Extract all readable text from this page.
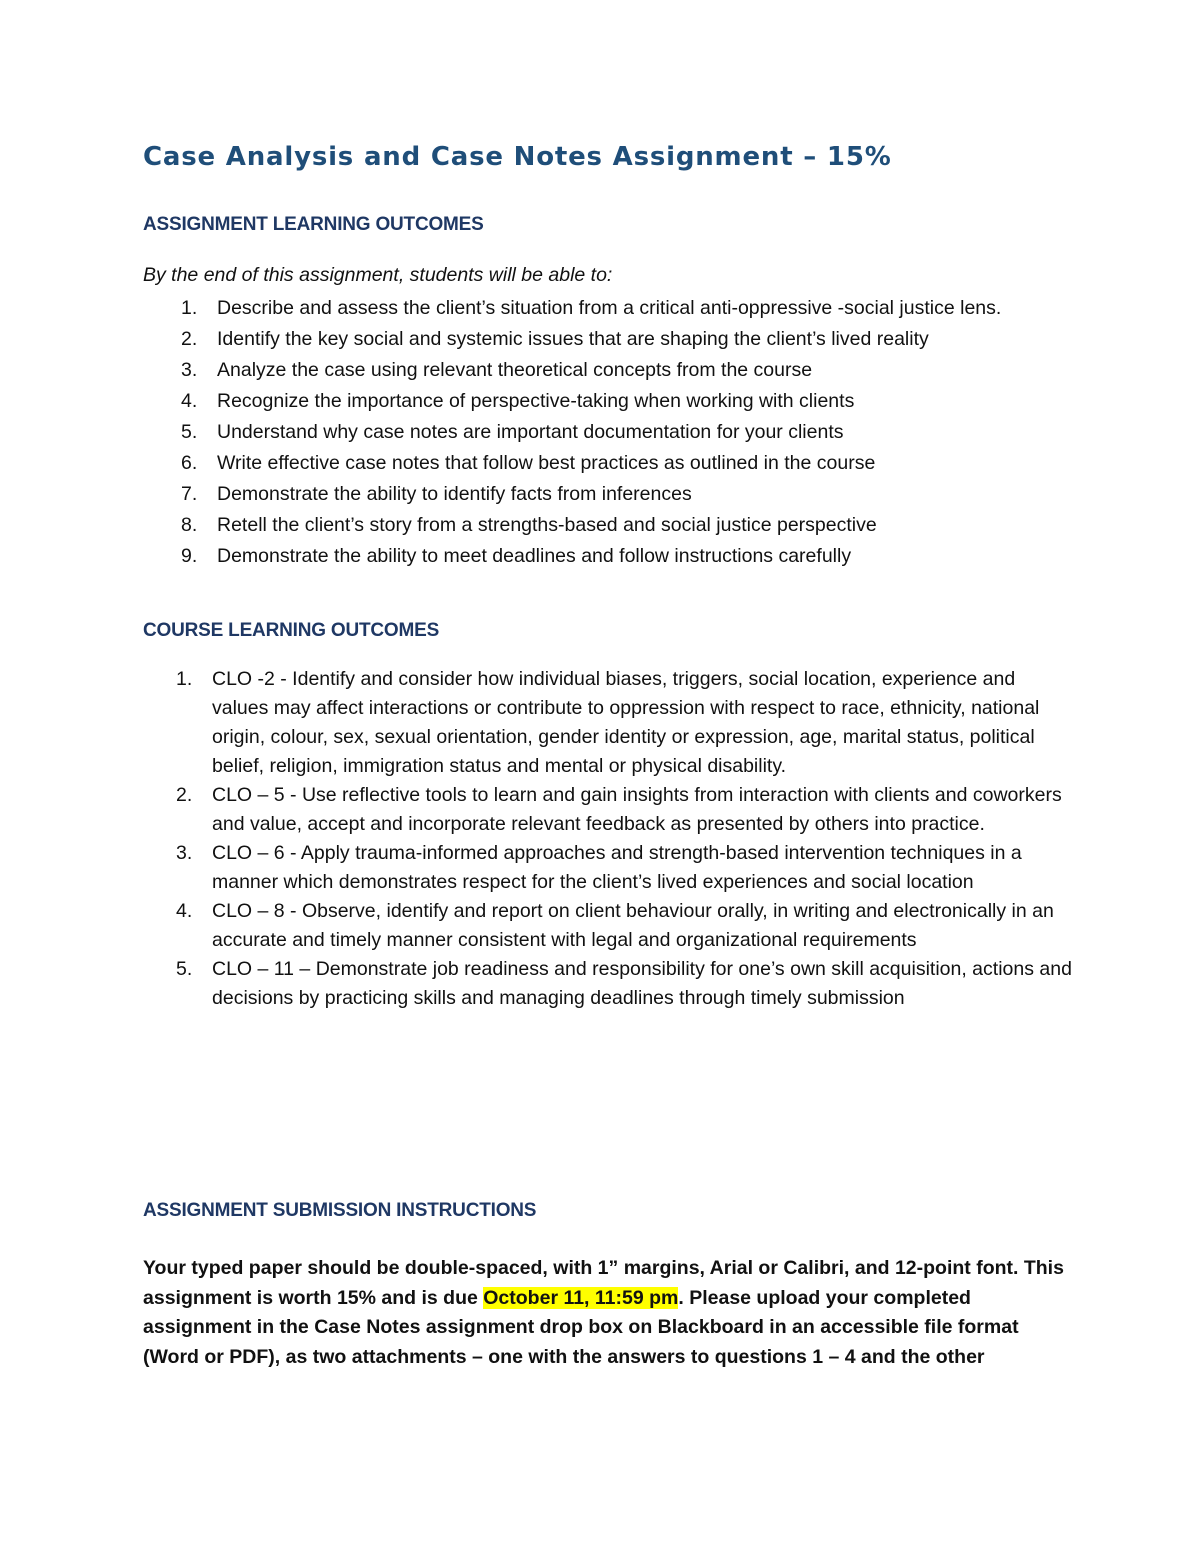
Case Analysis and Case Notes Assignment – 15%
ASSIGNMENT LEARNING OUTCOMES

By the end of this assignment, students will be able to:

1. Describe and assess the client’s situation from a critical anti-oppressive -social justice lens.
2. Identify the key social and systemic issues that are shaping the client’s lived reality
3. Analyze the case using relevant theoretical concepts from the course
4. Recognize the importance of perspective-taking when working with clients
5. Understand why case notes are important documentation for your clients
6. Write effective case notes that follow best practices as outlined in the course
7. Demonstrate the ability to identify facts from inferences
8. Retell the client’s story from a strengths-based and social justice perspective
9. Demonstrate the ability to meet deadlines and follow instructions carefully
COURSE LEARNING OUTCOMES
1. CLO -2 - Identify and consider how individual biases, triggers, social location, experience and values may affect interactions or contribute to oppression with respect to race, ethnicity, national origin, colour, sex, sexual orientation, gender identity or expression, age, marital status, political belief, religion, immigration status and mental or physical disability.
2. CLO – 5 - Use reflective tools to learn and gain insights from interaction with clients and coworkers and value, accept and incorporate relevant feedback as presented by others into practice.
3. CLO – 6 - Apply trauma-informed approaches and strength-based intervention techniques in a manner which demonstrates respect for the client’s lived experiences and social location
4. CLO – 8 - Observe, identify and report on client behaviour orally, in writing and electronically in an accurate and timely manner consistent with legal and organizational requirements
5. CLO – 11 – Demonstrate job readiness and responsibility for one’s own skill acquisition, actions and decisions by practicing skills and managing deadlines through timely submission
ASSIGNMENT SUBMISSION INSTRUCTIONS

Your typed paper should be double-spaced, with 1” margins, Arial or Calibri, and 12-point font. This assignment is worth 15% and is due October 11, 11:59 pm. Please upload your completed assignment in the Case Notes assignment drop box on Blackboard in an accessible file format (Word or PDF), as two attachments – one with the answers to questions 1 – 4 and the other
